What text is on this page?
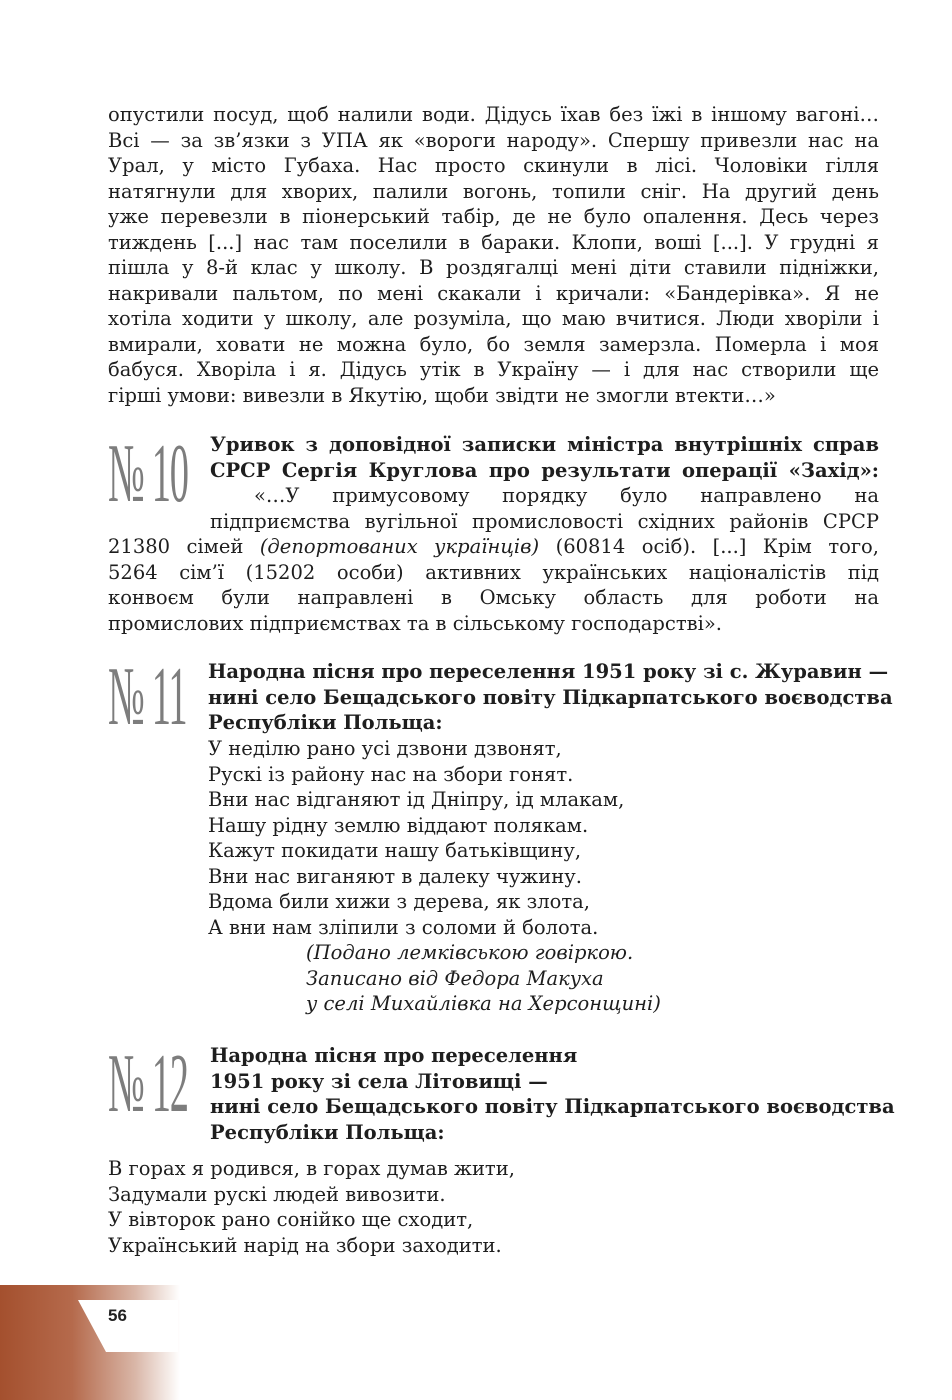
опустили посуд, щоб налили води. Дідусь їхав без їжі в іншому вагоні…
Всі — за зв’язки з УПА як «вороги народу». Спершу привезли нас на
Урал, у місто Губаха. Нас просто скинули в лісі. Чоловіки гілля
натягнули для хворих, палили вогонь, топили сніг. На другий день
уже перевезли в піонерський табір, де не було опалення. Десь через
тиждень [...] нас там поселили в бараки. Клопи, воші [...]. У грудні я
пішла у 8-й клас у школу. В роздягалці мені діти ставили підніжки,
накривали пальтом, по мені скакали і кричали: «Бандерівка». Я не
хотіла ходити у школу, але розуміла, що маю вчитися. Люди хворіли і
вмирали, ховати не можна було, бо земля замерзла. Померла і моя
бабуся. Хворіла і я. Дідусь утік в Україну — і для нас створили ще
гірші умови: вивезли в Якутію, щоби звідти не змогли втекти…»
№ 10 Уривок з доповідної записки міністра внутрішніх справ
СРСР Сергія Круглова про результати операції «Захід»:
«…У примусовому порядку було направлено на
підприємства вугільної промисловості східних районів СРСР
21380 сімей (депортованих українців) (60814 осіб). [...] Крім того,
5264 сім’ї (15202 особи) активних українських націоналістів під
конвоєм були направлені в Омську область для роботи на
промислових підприємствах та в сільському господарстві».
№ 11 Народна пісня про переселення 1951 року зі с. Журавин —
нині село Бещадського повіту Підкарпатського воєводства
Республіки Польща:
У неділю рано усі дзвони дзвонят,
Рускі із району нас на збори гонят.
Вни нас відганяют ід Дніпру, ід млакам,
Нашу рідну землю віддают полякам.
Кажут покидати нашу батьківщину,
Вни нас виганяют в далеку чужину.
Вдома били хижи з дерева, як злота,
А вни нам зліпили з соломи й болота.
(Подано лемківською говіркою.
Записано від Федора Макуха
у селі Михайлівка на Херсонщині)
№ 12 Народна пісня про переселення
1951 року зі села Літовищі —
нині село Бещадського повіту Підкарпатського воєводства
Республіки Польща:
В горах я родився, в горах думав жити,
Задумали рускі людей вивозити.
У вівторок рано сонійко ще сходит,
Український нарід на збори заходити.
56
